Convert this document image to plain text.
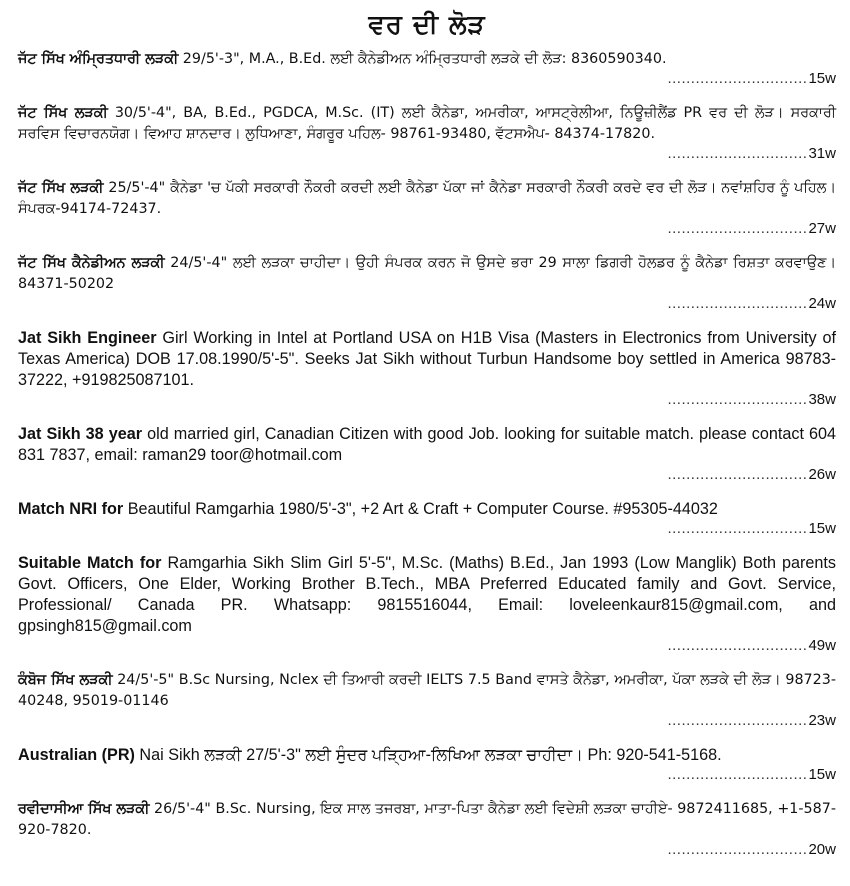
ਵਰ ਦੀ ਲੋੜ
ਜੱਟ ਸਿੱਖ ਅੰਮ੍ਰਿਤਧਾਰੀ ਲੜਕੀ 29/5'-3", M.A., B.Ed. ਲਈ ਕੈਨੇਡੀਅਨ ਅੰਮ੍ਰਿਤਧਾਰੀ ਲੜਕੇ ਦੀ ਲੋੜ: 8360590340.
.............................. 15w
ਜੱਟ ਸਿੱਖ ਲੜਕੀ 30/5'-4", BA, B.Ed., PGDCA, M.Sc. (IT) ਲਈ ਕੈਨੇਡਾ, ਅਮਰੀਕਾ, ਆਸਟ੍ਰੇਲੀਆ, ਨਿਊਜ਼ੀਲੈਂਡ PR ਵਰ ਦੀ ਲੋੜ। ਸਰਕਾਰੀ ਸਰਵਿਸ ਵਿਚਾਰਨਯੋਗ। ਵਿਆਹ ਸ਼ਾਨਦਾਰ। ਲੁਧਿਆਣਾ, ਸੰਗਰੂਰ ਪਹਿਲ- 98761-93480, ਵੱਟਸਐਪ- 84374-17820.
.............................. 31w
ਜੱਟ ਸਿੱਖ ਲੜਕੀ 25/5'-4" ਕੈਨੇਡਾ 'ਚ ਪੱਕੀ ਸਰਕਾਰੀ ਨੌਕਰੀ ਕਰਦੀ ਲਈ ਕੈਨੇਡਾ ਪੱਕਾ ਜਾਂ ਕੈਨੇਡਾ ਸਰਕਾਰੀ ਨੌਕਰੀ ਕਰਦੇ ਵਰ ਦੀ ਲੋੜ। ਨਵਾਂਸ਼ਹਿਰ ਨੂੰ ਪਹਿਲ। ਸੰਪਰਕ-94174-72437.
.............................. 27w
ਜੱਟ ਸਿੱਖ ਕੈਨੇਡੀਅਨ ਲੜਕੀ 24/5'-4" ਲਈ ਲੜਕਾ ਚਾਹੀਦਾ। ਉਹੀ ਸੰਪਰਕ ਕਰਨ ਜੋ ਉਸਦੇ ਭਰਾ 29 ਸਾਲਾ ਡਿਗਰੀ ਹੋਲਡਰ ਨੂੰ ਕੈਨੇਡਾ ਰਿਸ਼ਤਾ ਕਰਵਾਉਣ। 84371-50202
.............................. 24w
Jat Sikh Engineer Girl Working in Intel at Portland USA on H1B Visa (Masters in Electronics from University of Texas America) DOB 17.08.1990/5'-5". Seeks Jat Sikh without Turbun Handsome boy settled in America 98783-37222, +919825087101.
.............................. 38w
Jat Sikh 38 year old married girl, Canadian Citizen with good Job. looking for suitable match. please contact 604 831 7837, email: raman29 toor@hotmail.com
.............................. 26w
Match NRI for Beautiful Ramgarhia 1980/5'-3", +2 Art & Craft + Computer Course. #95305-44032
.............................. 15w
Suitable Match for Ramgarhia Sikh Slim Girl 5'-5", M.Sc. (Maths) B.Ed., Jan 1993 (Low Manglik) Both parents Govt. Officers, One Elder, Working Brother B.Tech., MBA Preferred Educated family and Govt. Service, Professional/ Canada PR. Whatsapp: 9815516044, Email: loveleenkaur815@gmail.com, and gpsingh815@gmail.com
.............................. 49w
ਕੰਬੋਜ ਸਿੱਖ ਲੜਕੀ 24/5'-5" B.Sc Nursing, Nclex ਦੀ ਤਿਆਰੀ ਕਰਦੀ IELTS 7.5 Band ਵਾਸਤੇ ਕੈਨੇਡਾ, ਅਮਰੀਕਾ, ਪੱਕਾ ਲੜਕੇ ਦੀ ਲੋੜ। 98723-40248, 95019-01146
.............................. 23w
Australian (PR) Nai Sikh ਲੜਕੀ 27/5'-3" ਲਈ ਸੁੰਦਰ ਪੜ੍ਹਿਆ-ਲਿਖਿਆ ਲੜਕਾ ਚਾਹੀਦਾ। Ph: 920-541-5168.
.............................. 15w
ਰਵੀਦਾਸੀਆ ਸਿੱਖ ਲੜਕੀ 26/5'-4" B.Sc. Nursing, ਇਕ ਸਾਲ ਤਜਰਬਾ, ਮਾਤਾ-ਪਿਤਾ ਕੈਨੇਡਾ ਲਈ ਵਿਦੇਸ਼ੀ ਲੜਕਾ ਚਾਹੀਏ- 9872411685, +1-587-920-7820.
.............................. 20w
